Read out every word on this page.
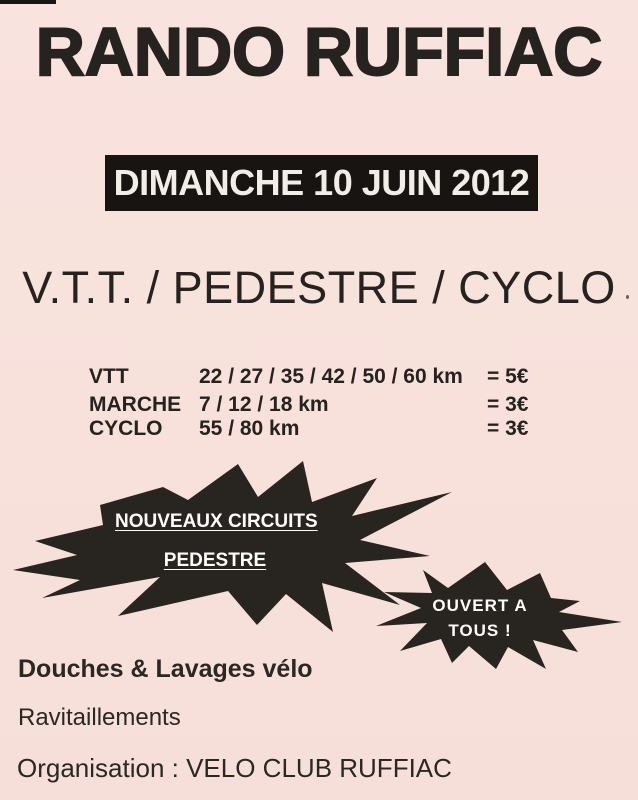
RANDO RUFFIAC
DIMANCHE 10 JUIN 2012
V.T.T. / PEDESTRE / CYCLO
VTT	22 / 27 / 35 / 42 / 50 / 60 km = 5€
MARCHE 7 / 12 / 18 km	= 3€
CYCLO 55 / 80 km	= 3€
NOUVEAUX CIRCUITS
PEDESTRE
OUVERT A
TOUS !
Douches & Lavages vélo
Ravitaillements
Organisation : VELO CLUB RUFFIAC
